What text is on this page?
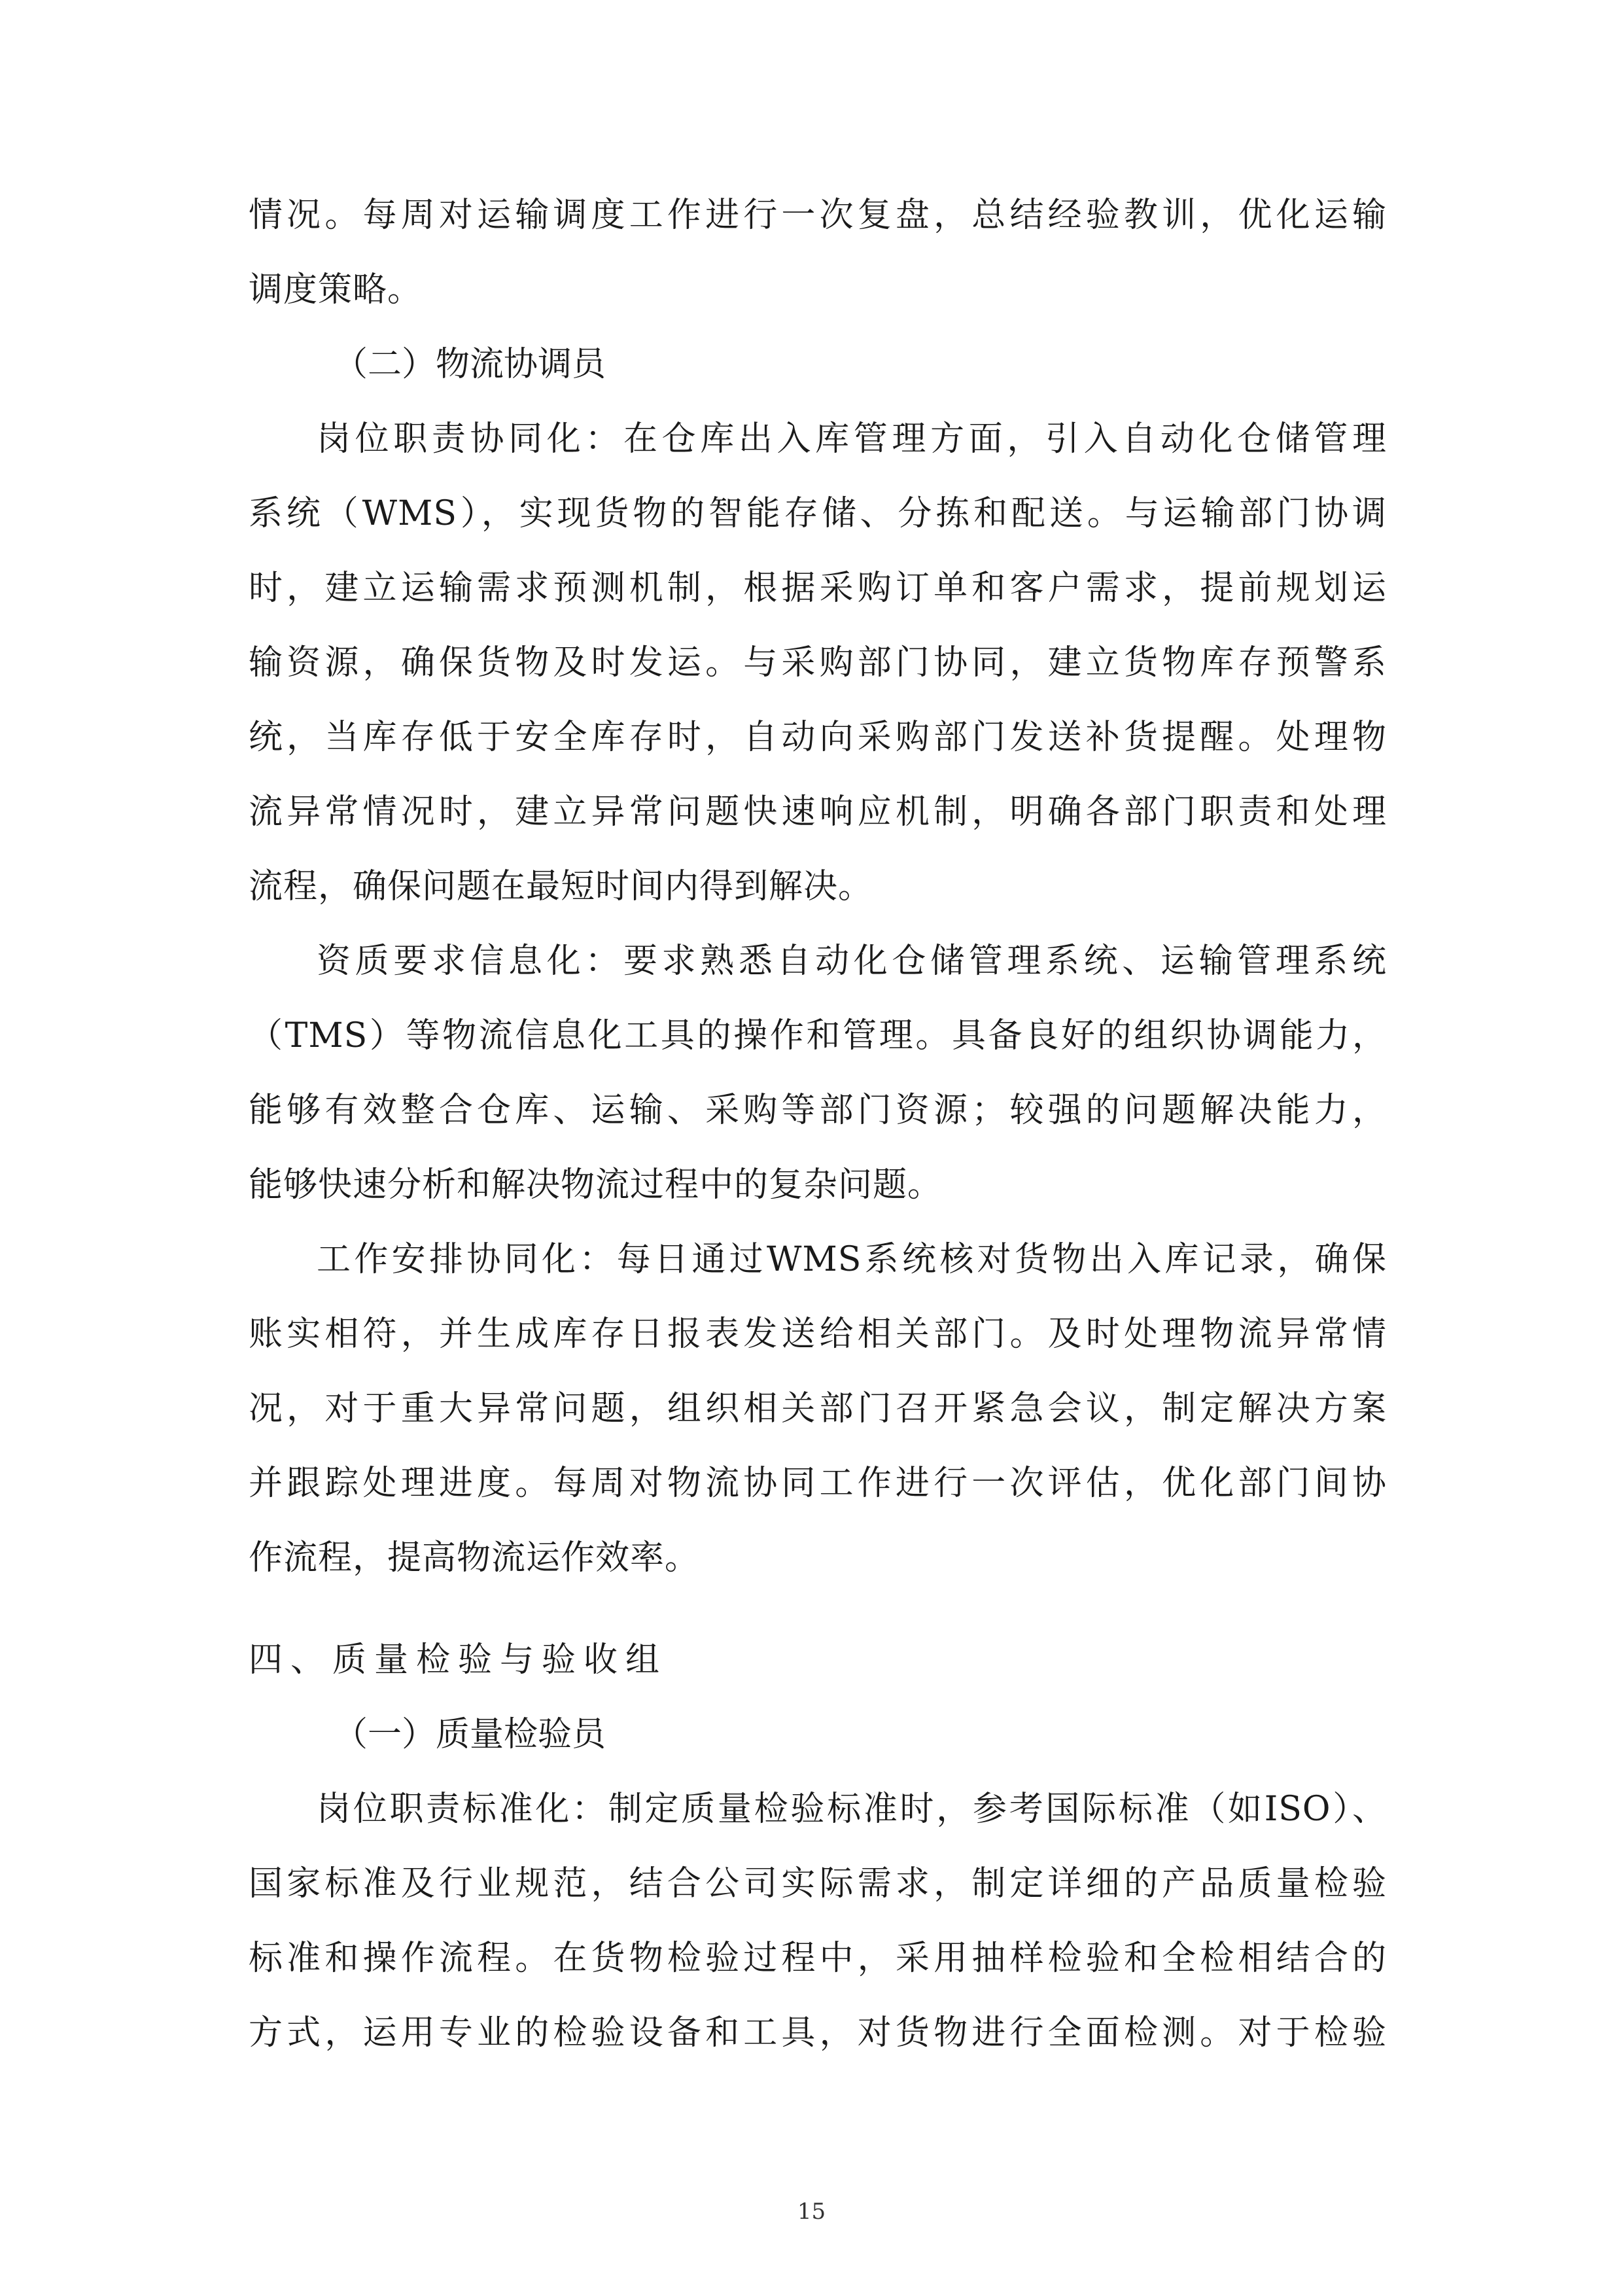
情况。每周对运输调度工作进行一次复盘，总结经验教训，优化运输
调度策略。
（二）物流协调员
岗位职责协同化：在仓库出入库管理方面，引入自动化仓储管理
系统（WMS），实现货物的智能存储、分拣和配送。与运输部门协调
时，建立运输需求预测机制，根据采购订单和客户需求，提前规划运
输资源，确保货物及时发运。与采购部门协同，建立货物库存预警系
统，当库存低于安全库存时，自动向采购部门发送补货提醒。处理物
流异常情况时，建立异常问题快速响应机制，明确各部门职责和处理
流程，确保问题在最短时间内得到解决。
资质要求信息化：要求熟悉自动化仓储管理系统、运输管理系统
（TMS）等物流信息化工具的操作和管理。具备良好的组织协调能力，
能够有效整合仓库、运输、采购等部门资源；较强的问题解决能力，
能够快速分析和解决物流过程中的复杂问题。
工作安排协同化：每日通过WMS系统核对货物出入库记录，确保
账实相符，并生成库存日报表发送给相关部门。及时处理物流异常情
况，对于重大异常问题，组织相关部门召开紧急会议，制定解决方案
并跟踪处理进度。每周对物流协同工作进行一次评估，优化部门间协
作流程，提高物流运作效率。
四、质量检验与验收组
（一）质量检验员
岗位职责标准化：制定质量检验标准时，参考国际标准（如ISO）、
国家标准及行业规范，结合公司实际需求，制定详细的产品质量检验
标准和操作流程。在货物检验过程中，采用抽样检验和全检相结合的
方式，运用专业的检验设备和工具，对货物进行全面检测。对于检验
15
